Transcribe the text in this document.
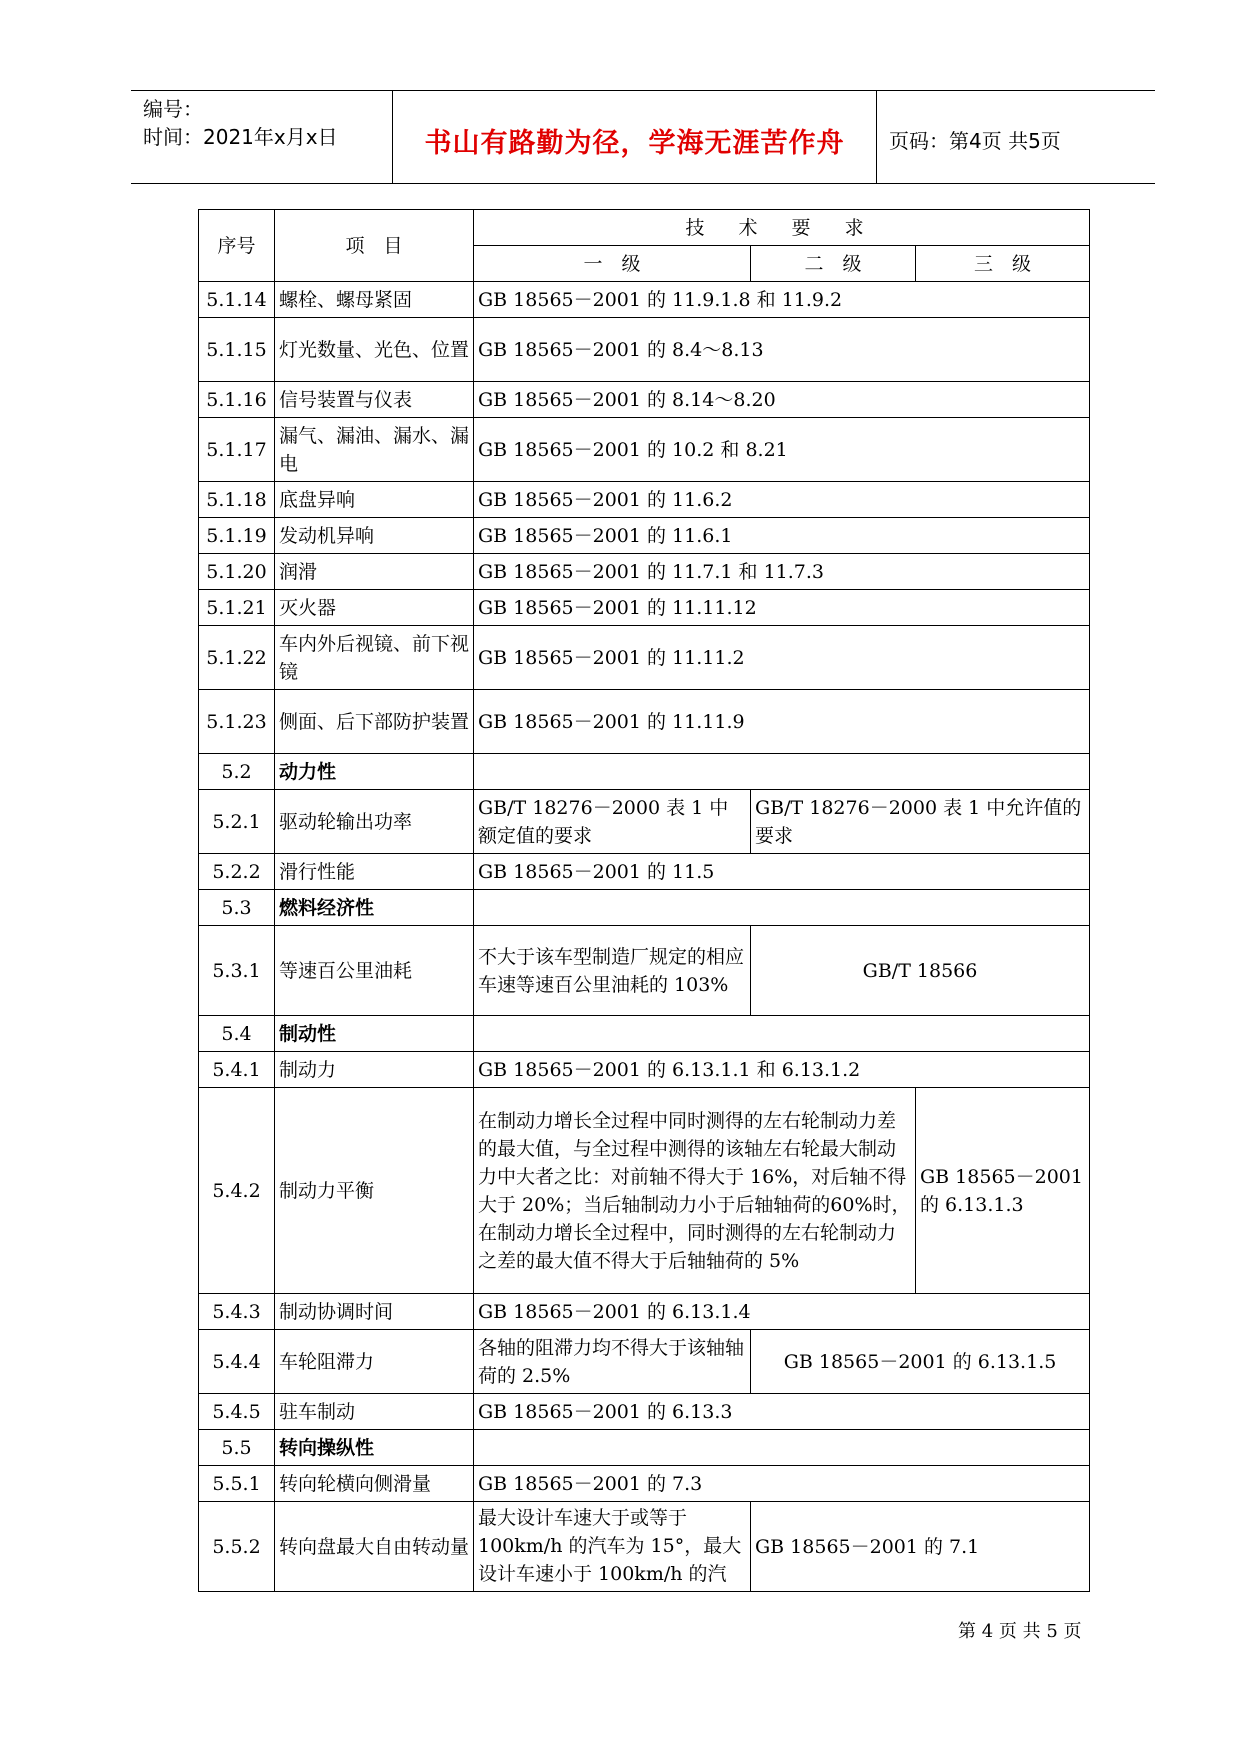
编号：
时间：2021年x月x日	书山有路勤为径，学海无涯苦作舟	页码：第4页 共5页
序号	项　目	技 术 要 求		
		一　级	二　级	三　级
5.1.14	螺栓、螺母紧固	GB 18565－2001 的 11.9.1.8 和 11.9.2		
5.1.15	灯光数量、光色、位置	GB 18565－2001 的 8.4～8.13		
5.1.16	信号装置与仪表	GB 18565－2001 的 8.14～8.20		
5.1.17	漏气、漏油、漏水、漏电	GB 18565－2001 的 10.2 和 8.21		
5.1.18	底盘异响	GB 18565－2001 的 11.6.2		
5.1.19	发动机异响	GB 18565－2001 的 11.6.1		
5.1.20	润滑	GB 18565－2001 的 11.7.1 和 11.7.3		
5.1.21	灭火器	GB 18565－2001 的 11.11.12		
5.1.22	车内外后视镜、前下视镜	GB 18565－2001 的 11.11.2		
5.1.23	侧面、后下部防护装置	GB 18565－2001 的 11.11.9		
5.2	动力性			
5.2.1	驱动轮输出功率	GB/T 18276－2000 表 1 中额定值的要求	GB/T 18276－2000 表 1 中允许值的要求	
5.2.2	滑行性能	GB 18565－2001 的 11.5		
5.3	燃料经济性			
5.3.1	等速百公里油耗	不大于该车型制造厂规定的相应车速等速百公里油耗的 103%	GB/T 18566	
5.4	制动性			
5.4.1	制动力	GB 18565－2001 的 6.13.1.1 和 6.13.1.2		
5.4.2	制动力平衡	在制动力增长全过程中同时测得的左右轮制动力差的最大值，与全过程中测得的该轴左右轮最大制动力中大者之比：对前轴不得大于 16%，对后轴不得大于 20%；当后轴制动力小于后轴轴荷的60%时，在制动力增长全过程中，同时测得的左右轮制动力之差的最大值不得大于后轴轴荷的 5%		GB 18565－2001 的 6.13.1.3
5.4.3	制动协调时间	GB 18565－2001 的 6.13.1.4		
5.4.4	车轮阻滞力	各轴的阻滞力均不得大于该轴轴荷的 2.5%	GB 18565－2001 的 6.13.1.5	
5.4.5	驻车制动	GB 18565－2001 的 6.13.3		
5.5	转向操纵性			
5.5.1	转向轮横向侧滑量	GB 18565－2001 的 7.3		
5.5.2	转向盘最大自由转动量	最大设计车速大于或等于 100km/h 的汽车为 15°，最大设计车速小于 100km/h 的汽	GB 18565－2001 的 7.1	
第 4 页 共 5 页
